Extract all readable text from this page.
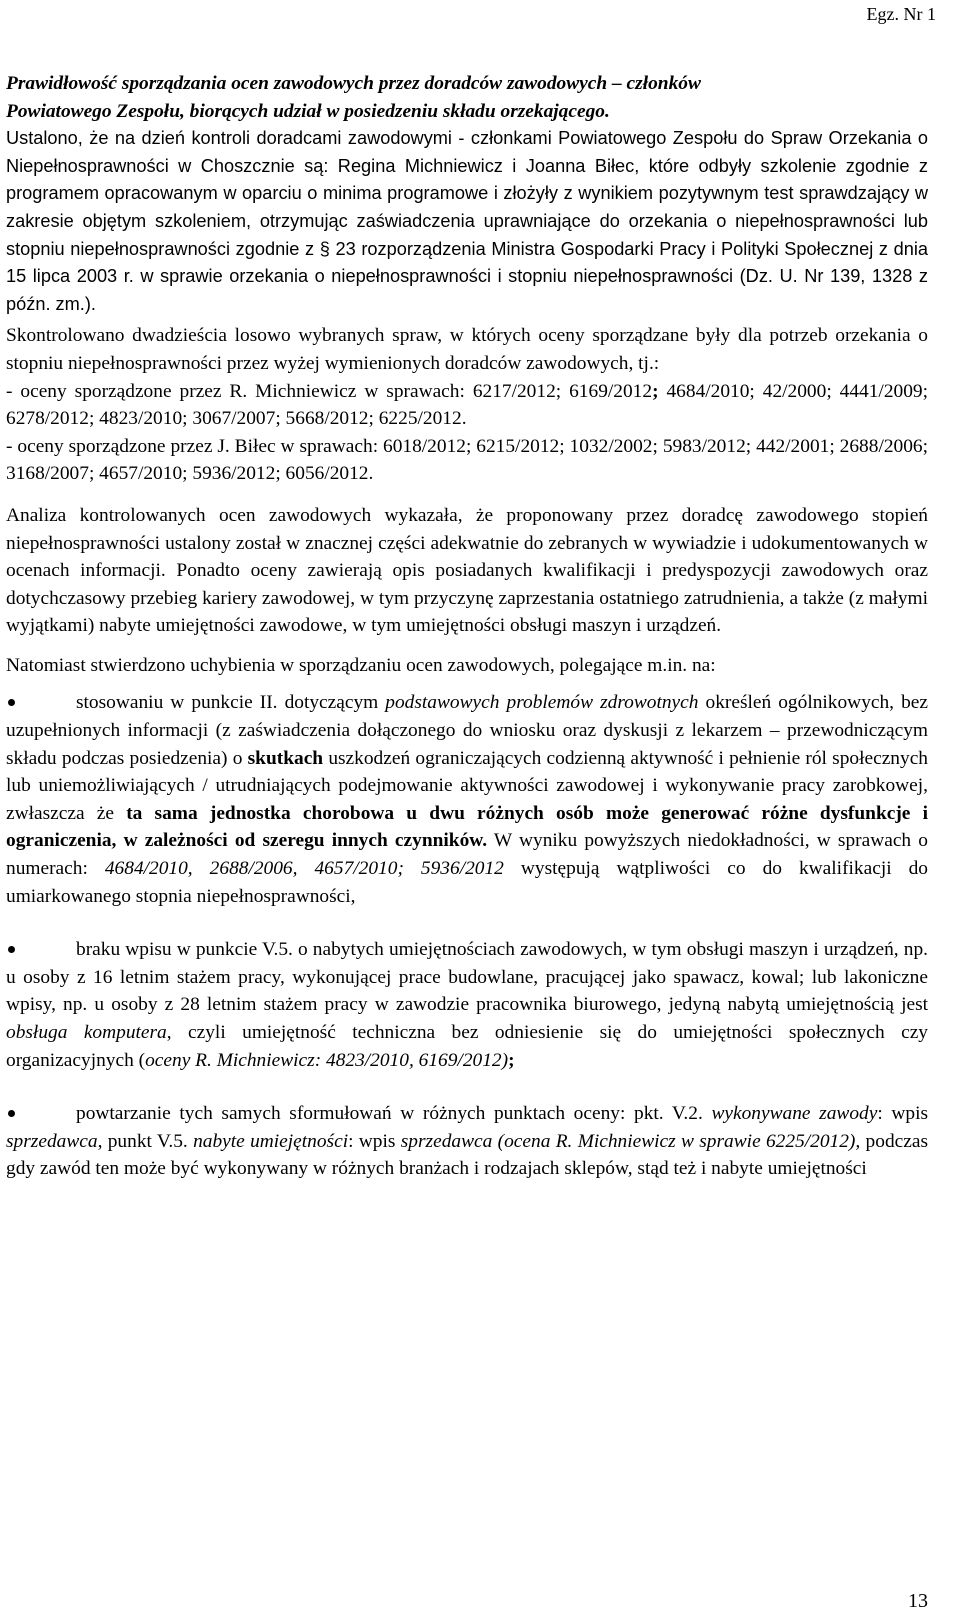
Egz. Nr 1

Prawidłowość sporządzania ocen zawodowych przez doradców zawodowych – członków
Powiatowego Zespołu, biorących udział w posiedzeniu składu orzekającego.

Ustalono, że na dzień kontroli doradcami zawodowymi - członkami Powiatowego Zespołu do Spraw Orzekania o Niepełnosprawności w Choszcznie są: Regina Michniewicz i Joanna Biłec, które odbyły szkolenie zgodnie z programem opracowanym w oparciu o minima programowe i złożyły z wynikiem pozytywnym test sprawdzający w zakresie objętym szkoleniem, otrzymując zaświadczenia uprawniające do orzekania o niepełnosprawności lub stopniu niepełnosprawności zgodnie z § 23 rozporządzenia Ministra Gospodarki Pracy i Polityki Społecznej z dnia 15 lipca 2003 r. w sprawie orzekania o niepełnosprawności i stopniu niepełnosprawności (Dz. U. Nr 139, 1328 z późn. zm.).

Skontrolowano dwadzieścia losowo wybranych spraw, w których oceny sporządzane były dla potrzeb orzekania o stopniu niepełnosprawności przez wyżej wymienionych doradców zawodowych, tj.:
- oceny sporządzone przez R. Michniewicz w sprawach: 6217/2012; 6169/2012; 4684/2010; 42/2000; 4441/2009; 6278/2012; 4823/2010; 3067/2007; 5668/2012; 6225/2012.
- oceny sporządzone przez J. Biłec w sprawach: 6018/2012; 6215/2012; 1032/2002; 5983/2012; 442/2001; 2688/2006; 3168/2007; 4657/2010; 5936/2012; 6056/2012.

Analiza kontrolowanych ocen zawodowych wykazała, że proponowany przez doradcę zawodowego stopień niepełnosprawności ustalony został w znacznej części adekwatnie do zebranych w wywiadzie i udokumentowanych w ocenach informacji. Ponadto oceny zawierają opis posiadanych kwalifikacji i predyspozycji zawodowych oraz dotychczasowy przebieg kariery zawodowej, w tym przyczynę zaprzestania ostatniego zatrudnienia, a także (z małymi wyjątkami) nabyte umiejętności zawodowe, w tym umiejętności obsługi maszyn i urządzeń.

Natomiast stwierdzono uchybienia w sporządzaniu ocen zawodowych, polegające m.in. na:

stosowaniu w punkcie II. dotyczącym podstawowych problemów zdrowotnych określeń ogólnikowych, bez uzupełnionych informacji (z zaświadczenia dołączonego do wniosku oraz dyskusji z lekarzem – przewodniczącym składu podczas posiedzenia) o skutkach uszkodzeń ograniczających codzienną aktywność i pełnienie ról społecznych lub uniemożliwiających / utrudniających podejmowanie aktywności zawodowej i wykonywanie pracy zarobkowej, zwłaszcza że ta sama jednostka chorobowa u dwu różnych osób może generować różne dysfunkcje i ograniczenia, w zależności od szeregu innych czynników. W wyniku powyższych niedokładności, w sprawach o numerach: 4684/2010, 2688/2006, 4657/2010; 5936/2012 występują wątpliwości co do kwalifikacji do umiarkowanego stopnia niepełnosprawności,

braku wpisu w punkcie V.5. o nabytych umiejętnościach zawodowych, w tym obsługi maszyn i urządzeń, np. u osoby z 16 letnim stażem pracy, wykonującej prace budowlane, pracującej jako spawacz, kowal; lub lakoniczne wpisy, np. u osoby z 28 letnim stażem pracy w zawodzie pracownika biurowego, jedyną nabytą umiejętnością jest obsługa komputera, czyli umiejętność techniczna bez odniesienie się do umiejętności społecznych czy organizacyjnych (oceny R. Michniewicz: 4823/2010, 6169/2012);

powtarzanie tych samych sformułowań w różnych punktach oceny: pkt. V.2. wykonywane zawody: wpis sprzedawca, punkt V.5. nabyte umiejętności: wpis sprzedawca (ocena R. Michniewicz w sprawie 6225/2012), podczas gdy zawód ten może być wykonywany w różnych branżach i rodzajach sklepów, stąd też i nabyte umiejętności

13
